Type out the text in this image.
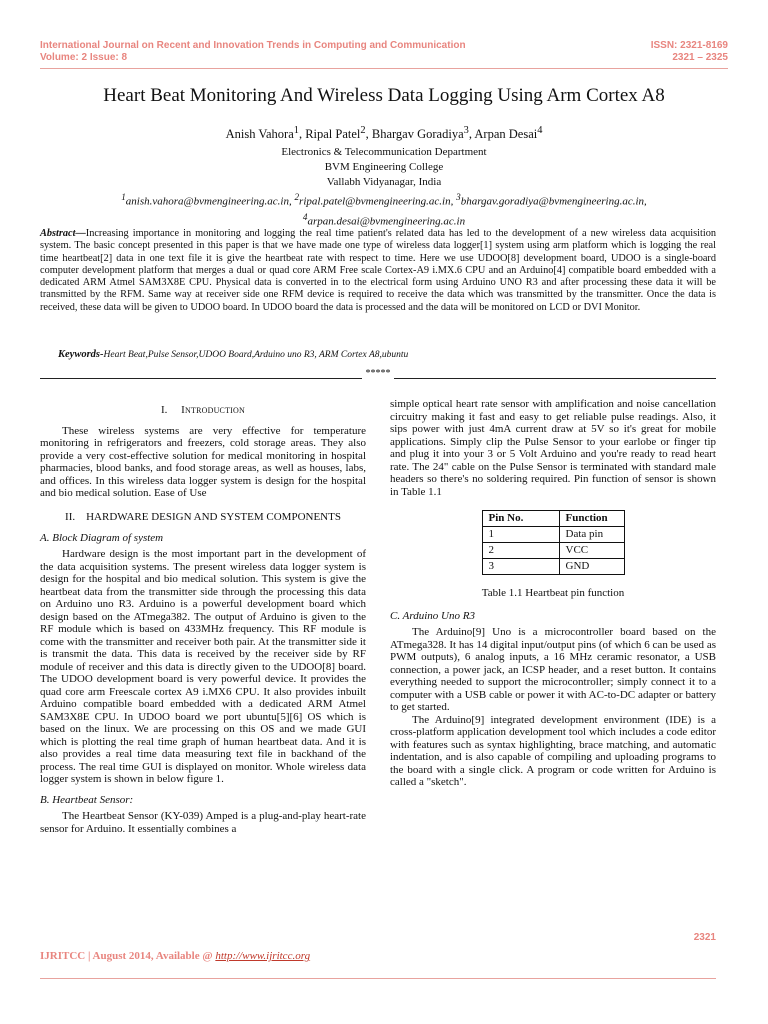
International Journal on Recent and Innovation Trends in Computing and Communication
Volume: 2 Issue: 8
ISSN: 2321-8169
2321 – 2325
Heart Beat Monitoring And Wireless Data Logging Using Arm Cortex A8
Anish Vahora$^1$, Ripal Patel$^2$, Bhargav Goradiya$^3$, Arpan Desai$^4$
Electronics & Telecommunication Department
BVM Engineering College
Vallabh Vidyanagar, India
$^1$anish.vahora@bvmengineering.ac.in, $^2$ripal.patel@bvmengineering.ac.in, $^3$bhargav.goradiya@bvmengineering.ac.in,
$^4$arpan.desai@bvmengineering.ac.in
Abstract—Increasing importance in monitoring and logging the real time patient's related data has led to the development of a new wireless data acquisition system. The basic concept presented in this paper is that we have made one type of wireless data logger[1] system using arm platform which is logging the real time heartbeat[2] data in one text file it is give the heartbeat rate with respect to time. Here we use UDOO[8] development board, UDOO is a single-board computer development platform that merges a dual or quad core ARM Free scale Cortex-A9 i.MX.6 CPU and an Arduino[4] compatible board embedded with a dedicated ARM Atmel SAM3X8E CPU. Physical data is converted in to the electrical form using Arduino UNO R3 and after processing these data it will be transmitted by the RFM. Same way at receiver side one RFM device is required to receive the data which was transmitted by the transmitter. Once the data is received, these data will be given to UDOO board. In UDOO board the data is processed and the data will be monitored on LCD or DVI Monitor.
Keywords-Heart Beat,Pulse Sensor,UDOO Board,Arduino uno R3, ARM Cortex A8,ubuntu
*****
I. Introduction

These wireless systems are very effective for temperature monitoring in refrigerators and freezers, cold storage areas. They also provide a very cost-effective solution for medical monitoring in hospital pharmacies, blood banks, and food storage areas, as well as houses, labs, and offices. In this wireless data logger system is design for the hospital and bio medical solution. Ease of Use

II. HARDWARE DESIGN AND SYSTEM COMPONENTS
A. Block Diagram of system

Hardware design is the most important part in the development of the data acquisition systems. The present wireless data logger system is design for the hospital and bio medical solution. This system is give the heartbeat data from the transmitter side through the processing this data on Arduino uno R3. Arduino is a powerful development board which design based on the ATmega382. The output of Arduino is given to the RF module which is based on 433MHz frequency. This RF module is come with the transmitter and receiver both pair. At the transmitter side it is transmit the data. This data is received by the receiver side by RF module of receiver and this data is directly given to the UDOO[8] board. The UDOO development board is very powerful device. It provides the quad core arm Freescale cortex A9 i.MX6 CPU. It also provides inbuilt Arduino compatible board embedded with a dedicated ARM Atmel SAM3X8E CPU. In UDOO board we port ubuntu[5][6] OS which is based on the linux. We are processing on this OS and we made GUI which is plotting the real time graph of human heartbeat data. And it is also provides a real time data measuring text file in backhand of the process. The real time GUI is displayed on monitor. Whole wireless data logger system is shown in below figure 1.

B. Heartbeat Sensor:

The Heartbeat Sensor (KY-039) Amped is a plug-and-play heart-rate sensor for Arduino. It essentially combines a

simple optical heart rate sensor with amplification and noise cancellation circuitry making it fast and easy to get reliable pulse readings. Also, it sips power with just 4mA current draw at 5V so it's great for mobile applications. Simply clip the Pulse Sensor to your earlobe or finger tip and plug it into your 3 or 5 Volt Arduino and you're ready to read heart rate. The 24" cable on the Pulse Sensor is terminated with standard male headers so there's no soldering required. Pin function of sensor is shown in Table 1.1

Pin No.	Function
1	Data pin
2	VCC
3	GND
Table 1.1 Heartbeat pin function
C. Arduino Uno R3

The Arduino[9] Uno is a microcontroller board based on the ATmega328. It has 14 digital input/output pins (of which 6 can be used as PWM outputs), 6 analog inputs, a 16 MHz ceramic resonator, a USB connection, a power jack, an ICSP header, and a reset button. It contains everything needed to support the microcontroller; simply connect it to a computer with a USB cable or power it with AC-to-DC adapter or battery to get started.

The Arduino[9] integrated development environment (IDE) is a cross-platform application development tool which includes a code editor with features such as syntax highlighting, brace matching, and automatic indentation, and is also capable of compiling and uploading programs to the board with a single click. A program or code written for Arduino is called a "sketch".

2321
IJRITCC | August 2014, Available @ http://www.ijritcc.org
